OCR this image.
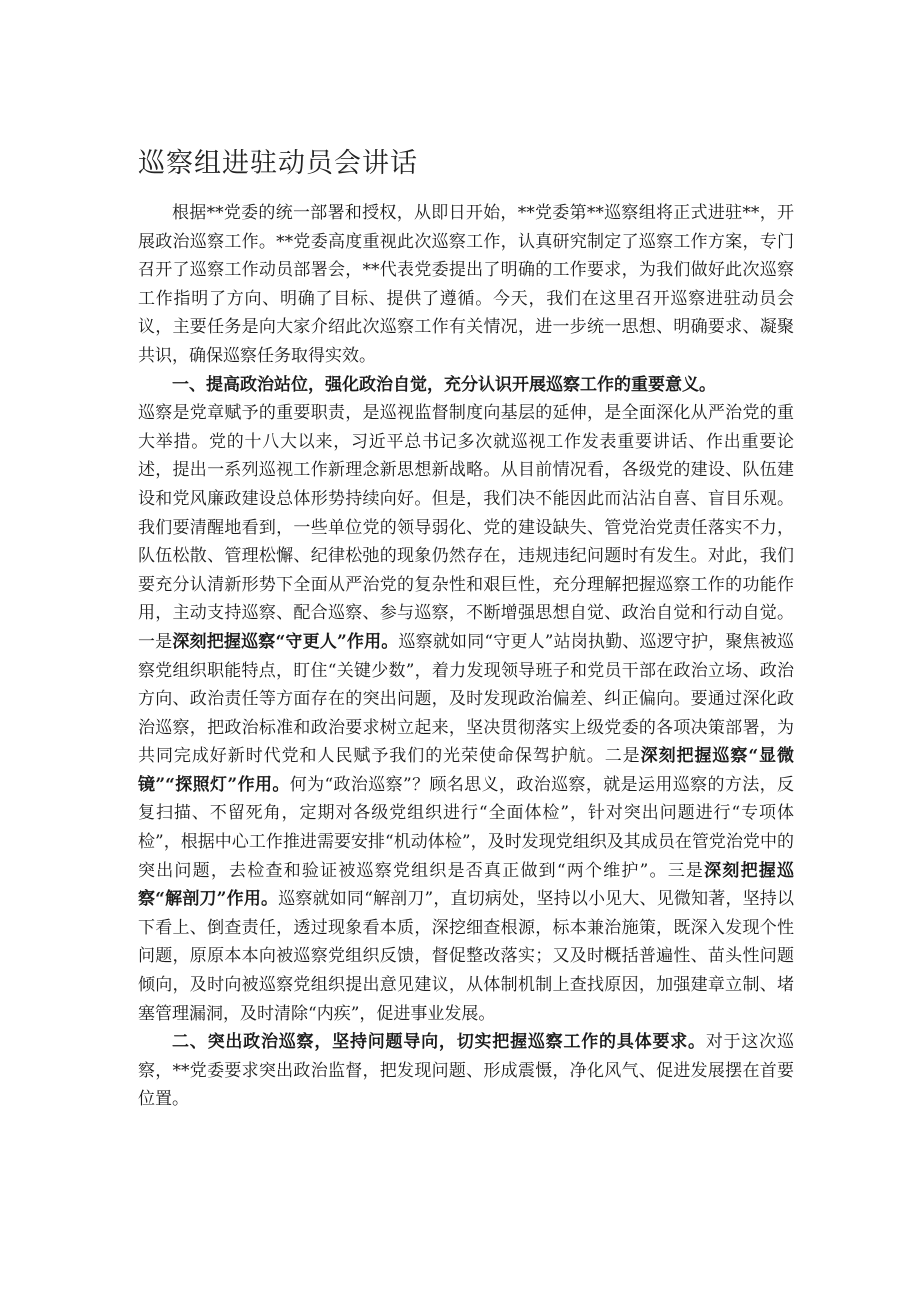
巡察组进驻动员会讲话

根据**党委的统一部署和授权，从即日开始，**党委第**巡察组将正式进驻**，开展政治巡察工作。**党委高度重视此次巡察工作，认真研究制定了巡察工作方案，专门召开了巡察工作动员部署会，**代表党委提出了明确的工作要求，为我们做好此次巡察工作指明了方向、明确了目标、提供了遵循。今天，我们在这里召开巡察进驻动员会议，主要任务是向大家介绍此次巡察工作有关情况，进一步统一思想、明确要求、凝聚共识，确保巡察任务取得实效。

一、提高政治站位，强化政治自觉，充分认识开展巡察工作的重要意义。

巡察是党章赋予的重要职责，是巡视监督制度向基层的延伸，是全面深化从严治党的重大举措。党的十八大以来，习近平总书记多次就巡视工作发表重要讲话、作出重要论述，提出一系列巡视工作新理念新思想新战略。从目前情况看，各级党的建设、队伍建设和党风廉政建设总体形势持续向好。但是，我们决不能因此而沾沾自喜、盲目乐观。我们要清醒地看到，一些单位党的领导弱化、党的建设缺失、管党治党责任落实不力，队伍松散、管理松懈、纪律松弛的现象仍然存在，违规违纪问题时有发生。对此，我们要充分认清新形势下全面从严治党的复杂性和艰巨性，充分理解把握巡察工作的功能作用，主动支持巡察、配合巡察、参与巡察，不断增强思想自觉、政治自觉和行动自觉。一是深刻把握巡察“守更人”作用。巡察就如同“守更人”站岗执勤、巡逻守护，聚焦被巡察党组织职能特点，盯住“关键少数”，着力发现领导班子和党员干部在政治立场、政治方向、政治责任等方面存在的突出问题，及时发现政治偏差、纠正偏向。要通过深化政治巡察，把政治标准和政治要求树立起来，坚决贯彻落实上级党委的各项决策部署，为共同完成好新时代党和人民赋予我们的光荣使命保驾护航。二是深刻把握巡察“显微镜”“探照灯”作用。何为“政治巡察”？顾名思义，政治巡察，就是运用巡察的方法，反复扫描、不留死角，定期对各级党组织进行“全面体检”，针对突出问题进行“专项体检”，根据中心工作推进需要安排“机动体检”，及时发现党组织及其成员在管党治党中的突出问题，去检查和验证被巡察党组织是否真正做到“两个维护”。三是深刻把握巡察“解剖刀”作用。巡察就如同“解剖刀”，直切病处，坚持以小见大、见微知著，坚持以下看上、倒查责任，透过现象看本质，深挖细查根源，标本兼治施策，既深入发现个性问题，原原本本向被巡察党组织反馈，督促整改落实；又及时概括普遍性、苗头性问题倾向，及时向被巡察党组织提出意见建议，从体制机制上查找原因，加强建章立制、堵塞管理漏洞，及时清除“内疾”，促进事业发展。

二、突出政治巡察，坚持问题导向，切实把握巡察工作的具体要求。对于这次巡察，**党委要求突出政治监督，把发现问题、形成震慑，净化风气、促进发展摆在首要位置。
